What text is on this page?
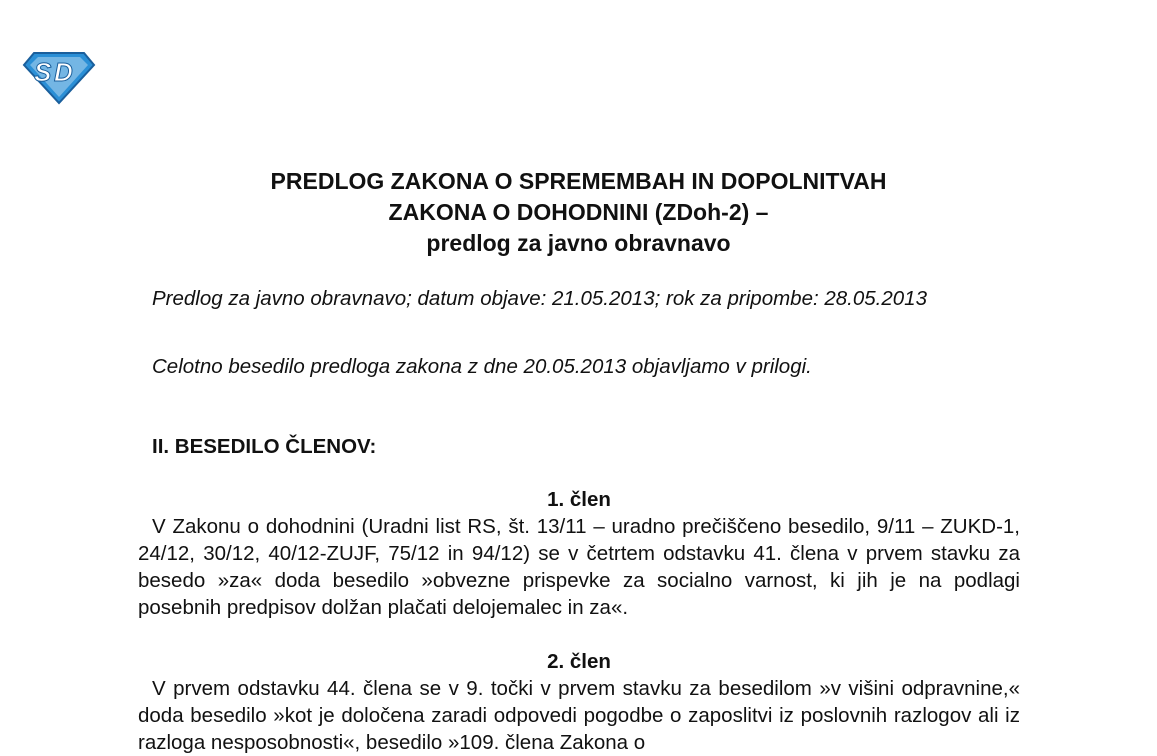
S D
PREDLOG ZAKONA O SPREMEMBAH IN DOPOLNITVAH
ZAKONA O DOHODNINI (ZDoh-2) –
predlog za javno obravnavo
Predlog za javno obravnavo; datum objave: 21.05.2013; rok za pripombe: 28.05.2013
Celotno besedilo predloga zakona z dne 20.05.2013 objavljamo v prilogi.
II. BESEDILO ČLENOV:
1. člen
V Zakonu o dohodnini (Uradni list RS, št. 13/11 – uradno prečiščeno besedilo, 9/11 – ZUKD-1, 24/12, 30/12, 40/12-ZUJF, 75/12 in 94/12) se v četrtem odstavku 41. člena v prvem stavku za besedo »za« doda besedilo »obvezne prispevke za socialno varnost, ki jih je na podlagi posebnih predpisov dolžan plačati delojemalec in za«.
2. člen
V prvem odstavku 44. člena se v 9. točki v prvem stavku za besedilom »v višini odpravnine,« doda besedilo »kot je določena zaradi odpovedi pogodbe o zaposlitvi iz poslovnih razlogov ali iz razloga nesposobnosti«, besedilo »109. člena Zakona o
